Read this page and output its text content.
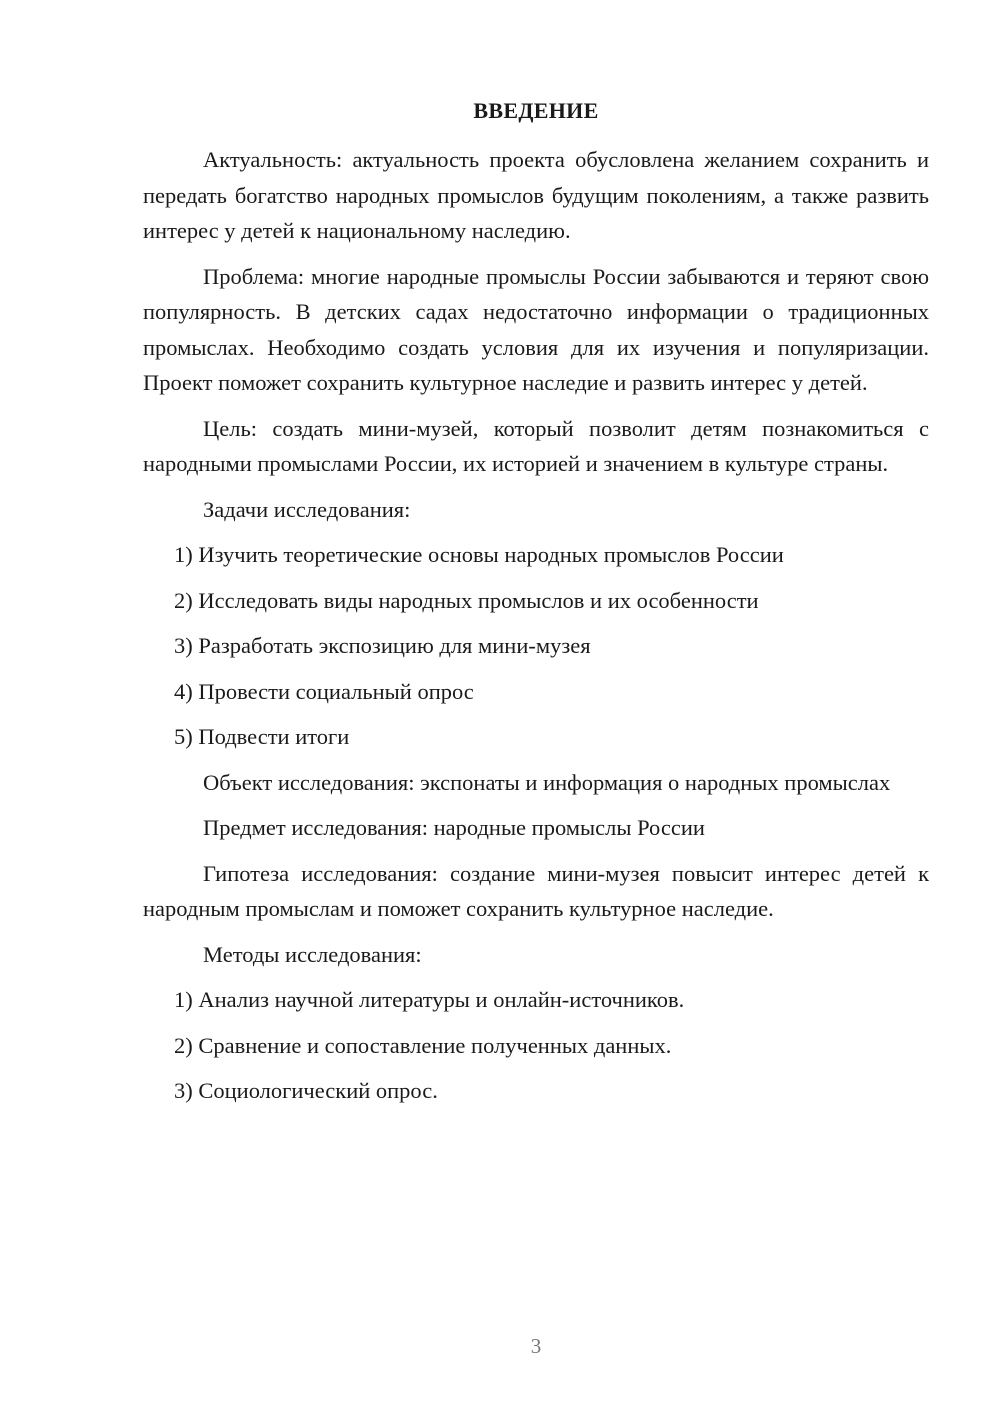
ВВЕДЕНИЕ

Актуальность: актуальность проекта обусловлена желанием сохранить и передать богатство народных промыслов будущим поколениям, а также развить интерес у детей к национальному наследию.

Проблема: многие народные промыслы России забываются и теряют свою популярность. В детских садах недостаточно информации о традиционных промыслах. Необходимо создать условия для их изучения и популяризации. Проект поможет сохранить культурное наследие и развить интерес у детей.

Цель: создать мини-музей, который позволит детям познакомиться с народными промыслами России, их историей и значением в культуре страны.

Задачи исследования:

1) Изучить теоретические основы народных промыслов России
2) Исследовать виды народных промыслов и их особенности
3) Разработать экспозицию для мини-музея
4) Провести социальный опрос
5) Подвести итоги

Объект исследования: экспонаты и информация о народных промыслах

Предмет исследования: народные промыслы России

Гипотеза исследования: создание мини-музея повысит интерес детей к народным промыслам и поможет сохранить культурное наследие.

Методы исследования:

1) Анализ научной литературы и онлайн-источников.
2) Сравнение и сопоставление полученных данных.
3) Социологический опрос.
3
